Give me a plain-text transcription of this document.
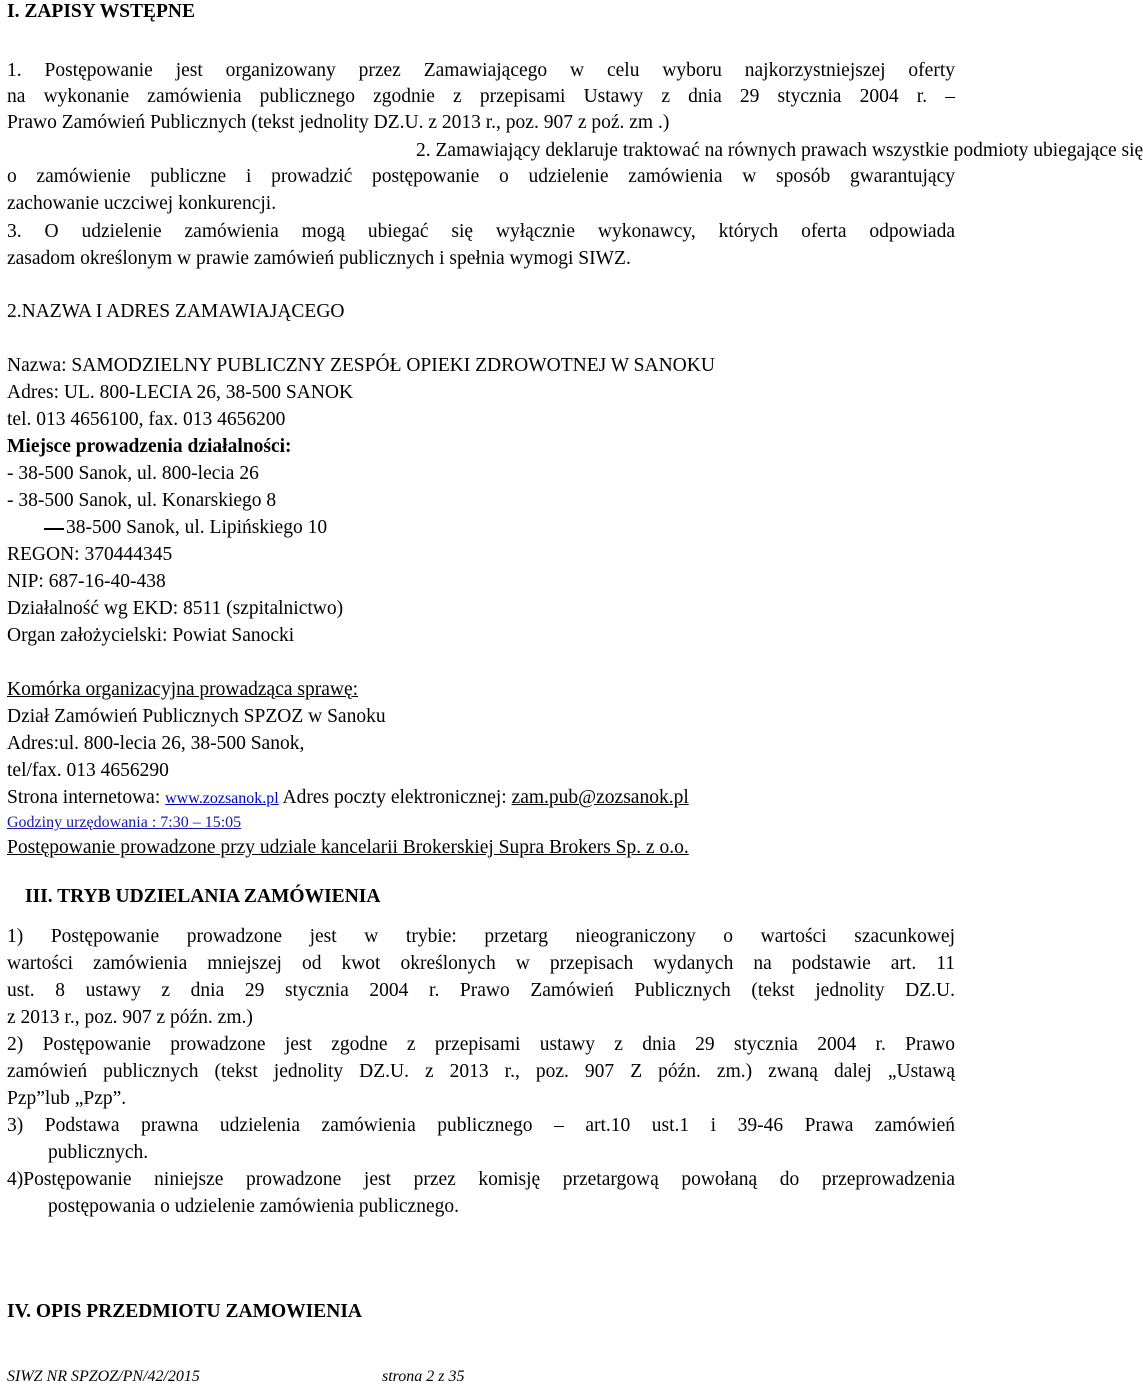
I. ZAPISY WSTĘPNE
1. Postępowanie jest organizowany przez Zamawiającego w celu wyboru najkorzystniejszej oferty
na wykonanie zamówienia publicznego zgodnie z przepisami Ustawy z dnia 29 stycznia 2004 r. –
Prawo Zamówień Publicznych (tekst jednolity DZ.U. z 2013 r., poz. 907 z poź. zm .)
2. Zamawiający deklaruje traktować na równych prawach wszystkie podmioty ubiegające się
o zamówienie publiczne i prowadzić postępowanie o udzielenie zamówienia w sposób gwarantujący
zachowanie uczciwej konkurencji.
3. O udzielenie zamówienia mogą ubiegać się wyłącznie wykonawcy, których oferta odpowiada
zasadom określonym w prawie zamówień publicznych i spełnia wymogi SIWZ.
2.NAZWA I ADRES ZAMAWIAJĄCEGO
Nazwa: SAMODZIELNY PUBLICZNY ZESPÓŁ OPIEKI ZDROWOTNEJ W SANOKU
Adres: UL. 800-LECIA 26, 38-500 SANOK
tel. 013 4656100, fax. 013 4656200
Miejsce prowadzenia działalności:
- 38-500 Sanok, ul. 800-lecia 26
- 38-500 Sanok, ul. Konarskiego 8
38-500 Sanok, ul. Lipińskiego 10
REGON: 370444345
NIP: 687-16-40-438
Działalność wg EKD: 8511 (szpitalnictwo)
Organ założycielski: Powiat Sanocki
Komórka organizacyjna prowadząca sprawę:
Dział Zamówień Publicznych SPZOZ w Sanoku
Adres:ul. 800-lecia 26, 38-500 Sanok,
tel/fax. 013 4656290
Strona internetowa: www.zozsanok.pl Adres poczty elektronicznej: zam.pub@zozsanok.pl
Godziny urzędowania : 7:30 – 15:05
Postępowanie prowadzone przy udziale kancelarii Brokerskiej Supra Brokers Sp. z o.o.
III. TRYB UDZIELANIA ZAMÓWIENIA
1) Postępowanie prowadzone jest w trybie: przetarg nieograniczony o wartości szacunkowej
wartości zamówienia mniejszej od kwot określonych w przepisach wydanych na podstawie art. 11
ust. 8 ustawy z dnia 29 stycznia 2004 r. Prawo Zamówień Publicznych (tekst jednolity DZ.U.
z 2013 r., poz. 907 z późn. zm.)
2) Postępowanie prowadzone jest zgodne z przepisami ustawy z dnia 29 stycznia 2004 r. Prawo
zamówień publicznych (tekst jednolity DZ.U. z 2013 r., poz. 907 Z późn. zm.) zwaną dalej „Ustawą
Pzp”lub „Pzp”.
3) Podstawa prawna udzielenia zamówienia publicznego – art.10 ust.1 i 39-46 Prawa zamówień
publicznych.
4)Postępowanie niniejsze prowadzone jest przez komisję przetargową powołaną do przeprowadzenia
postępowania o udzielenie zamówienia publicznego.
IV. OPIS PRZEDMIOTU ZAMOWIENIA
SIWZ NR SPZOZ/PN/42/2015	strona 2 z 35
